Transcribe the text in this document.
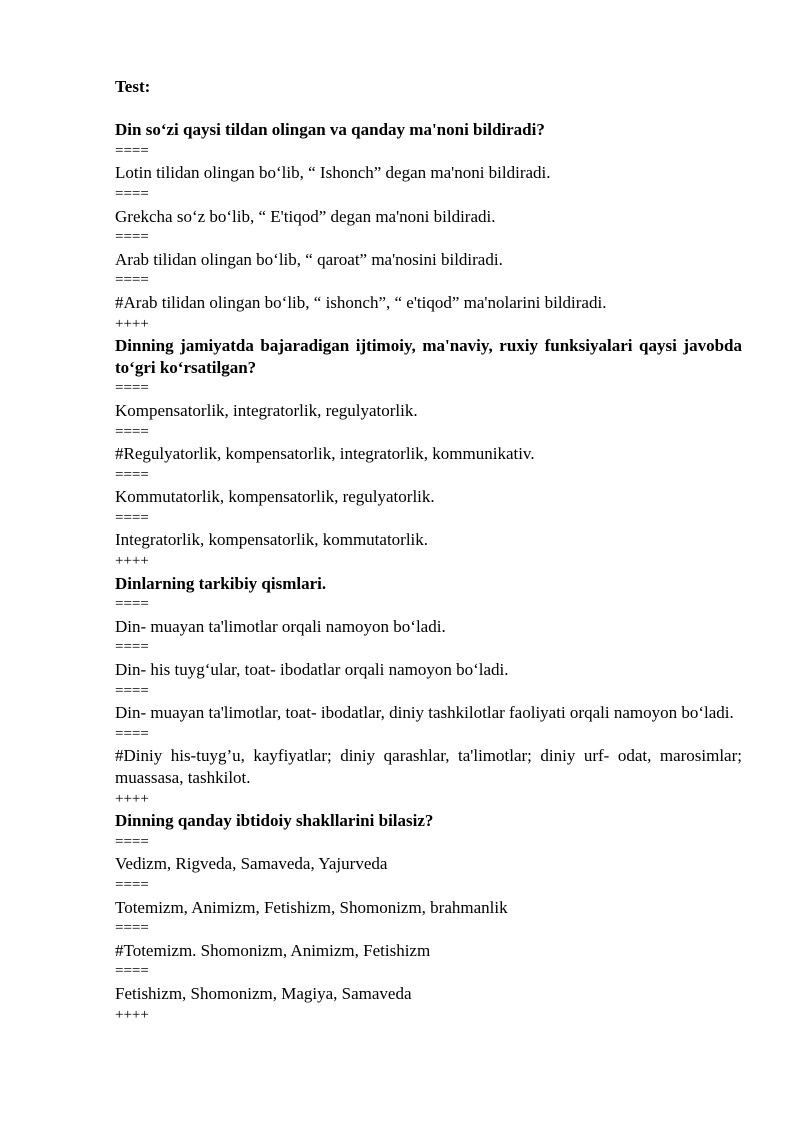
Test:
Din so‘zi qaysi tildan olingan va qanday ma'noni bildiradi?
====
Lotin tilidan olingan bo‘lib, “ Ishonch” degan ma'noni bildiradi.
====
Grekcha so‘z bo‘lib, “ E'tiqod” degan ma'noni bildiradi.
====
Arab tilidan olingan bo‘lib, “ qaroat” ma'nosini bildiradi.
====
#Arab tilidan olingan bo‘lib, “ ishonch”, “ e'tiqod” ma'nolarini bildiradi.
++++
Dinning jamiyatda bajaradigan ijtimoiy, ma'naviy, ruxiy funksiyalari qaysi javobda to‘gri ko‘rsatilgan?
====
Kompensatorlik, integratorlik, regulyatorlik.
====
#Regulyatorlik, kompensatorlik, integratorlik, kommunikativ.
====
Kommutatorlik, kompensatorlik, regulyatorlik.
====
Integratorlik, kompensatorlik, kommutatorlik.
++++
Dinlarning tarkibiy qismlari.
====
Din- muayan ta'limotlar orqali namoyon bo‘ladi.
====
Din- his tuyg‘ular, toat- ibodatlar orqali namoyon bo‘ladi.
====
Din- muayan ta'limotlar, toat- ibodatlar, diniy tashkilotlar faoliyati orqali namoyon bo‘ladi.
====
#Diniy his-tuyg’u, kayfiyatlar; diniy qarashlar, ta'limotlar; diniy urf- odat, marosimlar; muassasa, tashkilot.
++++
Dinning qanday ibtidoiy shakllarini bilasiz?
====
Vedizm, Rigveda, Samaveda, Yajurveda
====
Totemizm, Animizm, Fetishizm, Shomonizm, brahmanlik
====
#Totemizm. Shomonizm, Animizm, Fetishizm
====
Fetishizm, Shomonizm, Magiya, Samaveda
++++
